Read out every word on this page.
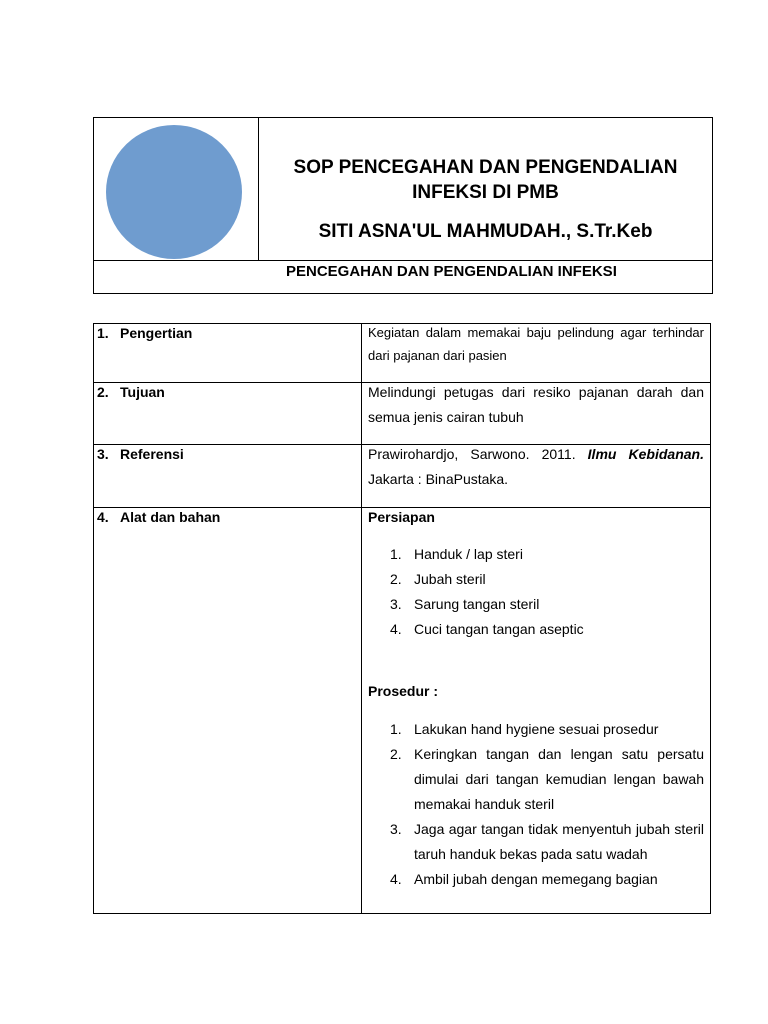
SOP PENCEGAHAN DAN PENGENDALIAN
INFEKSI DI PMB
SITI ASNA'UL MAHMUDAH., S.Tr.Keb
PENCEGAHAN DAN PENGENDALIAN INFEKSI
1. Pengertian	Kegiatan dalam memakai baju pelindung agar terhindar dari pajanan dari pasien
2. Tujuan	Melindungi petugas dari resiko pajanan darah dan semua jenis cairan tubuh
3. Referensi	Prawirohardjo, Sarwono. 2011. Ilmu Kebidanan. Jakarta : BinaPustaka.
4. Alat dan bahan	Persiapan
1. Handuk / lap steri
2. Jubah steril
3. Sarung tangan steril
4. Cuci tangan tangan aseptic
Prosedur :
1. Lakukan hand hygiene sesuai prosedur
2. Keringkan tangan dan lengan satu persatu dimulai dari tangan kemudian lengan bawah memakai handuk steril
3. Jaga agar tangan tidak menyentuh jubah steril taruh handuk bekas pada satu wadah
4. Ambil jubah dengan memegang bagian
